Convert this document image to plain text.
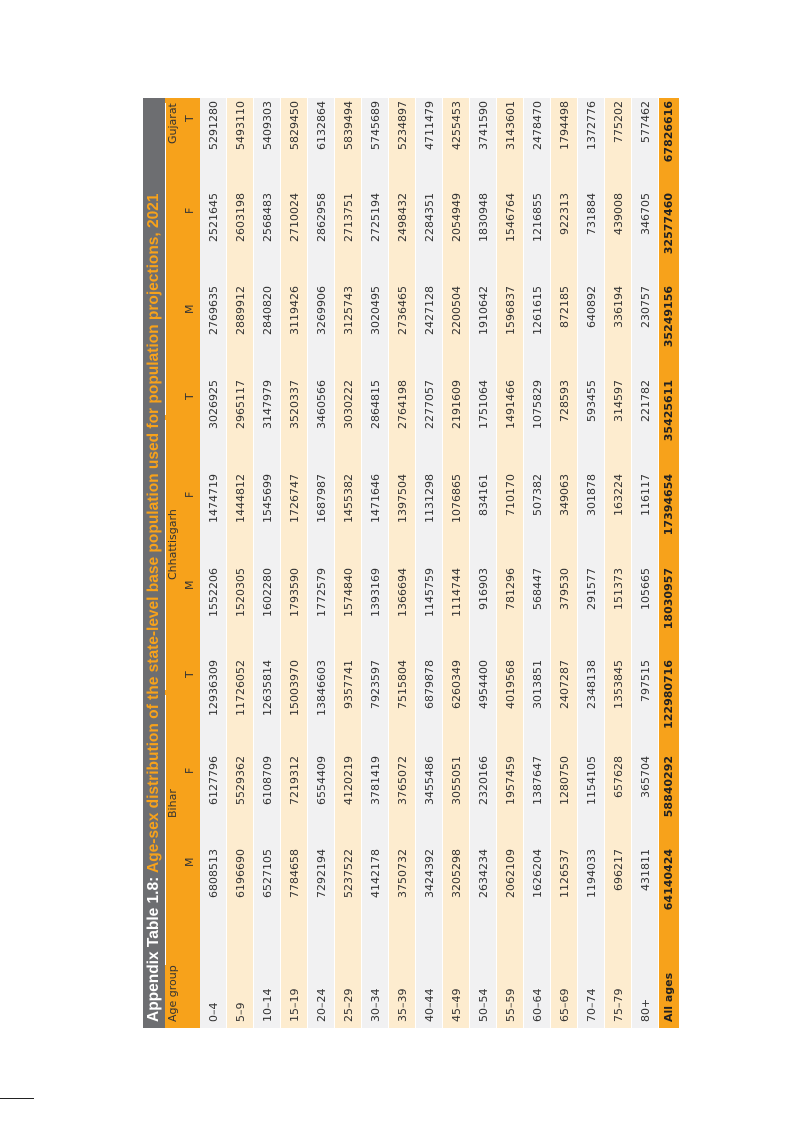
Appendix Table 1.8: Age-sex distribution of the state-level base population used for population projections, 2021
Age group
Bihar
Chhattisgarh
Gujarat
M
F
T
M
F
T
M
F
T
0–4
6808513
6127796
12936309
1552206
1474719
3026925
2769635
2521645
5291280
5–9
6196690
5529362
11726052
1520305
1444812
2965117
2889912
2603198
5493110
10–14
6527105
6108709
12635814
1602280
1545699
3147979
2840820
2568483
5409303
15–19
7784658
7219312
15003970
1793590
1726747
3520337
3119426
2710024
5829450
20–24
7292194
6554409
13846603
1772579
1687987
3460566
3269906
2862958
6132864
25–29
5237522
4120219
9357741
1574840
1455382
3030222
3125743
2713751
5839494
30–34
4142178
3781419
7923597
1393169
1471646
2864815
3020495
2725194
5745689
35–39
3750732
3765072
7515804
1366694
1397504
2764198
2736465
2498432
5234897
40–44
3424392
3455486
6879878
1145759
1131298
2277057
2427128
2284351
4711479
45–49
3205298
3055051
6260349
1114744
1076865
2191609
2200504
2054949
4255453
50–54
2634234
2320166
4954400
916903
834161
1751064
1910642
1830948
3741590
55–59
2062109
1957459
4019568
781296
710170
1491466
1596837
1546764
3143601
60–64
1626204
1387647
3013851
568447
507382
1075829
1261615
1216855
2478470
65–69
1126537
1280750
2407287
379530
349063
728593
872185
922313
1794498
70–74
1194033
1154105
2348138
291577
301878
593455
640892
731884
1372776
75–79
696217
657628
1353845
151373
163224
314597
336194
439008
775202
80+
431811
365704
797515
105665
116117
221782
230757
346705
577462
All ages
64140424
58840292
122980716
18030957
17394654
35425611
35249156
32577460
67826616
